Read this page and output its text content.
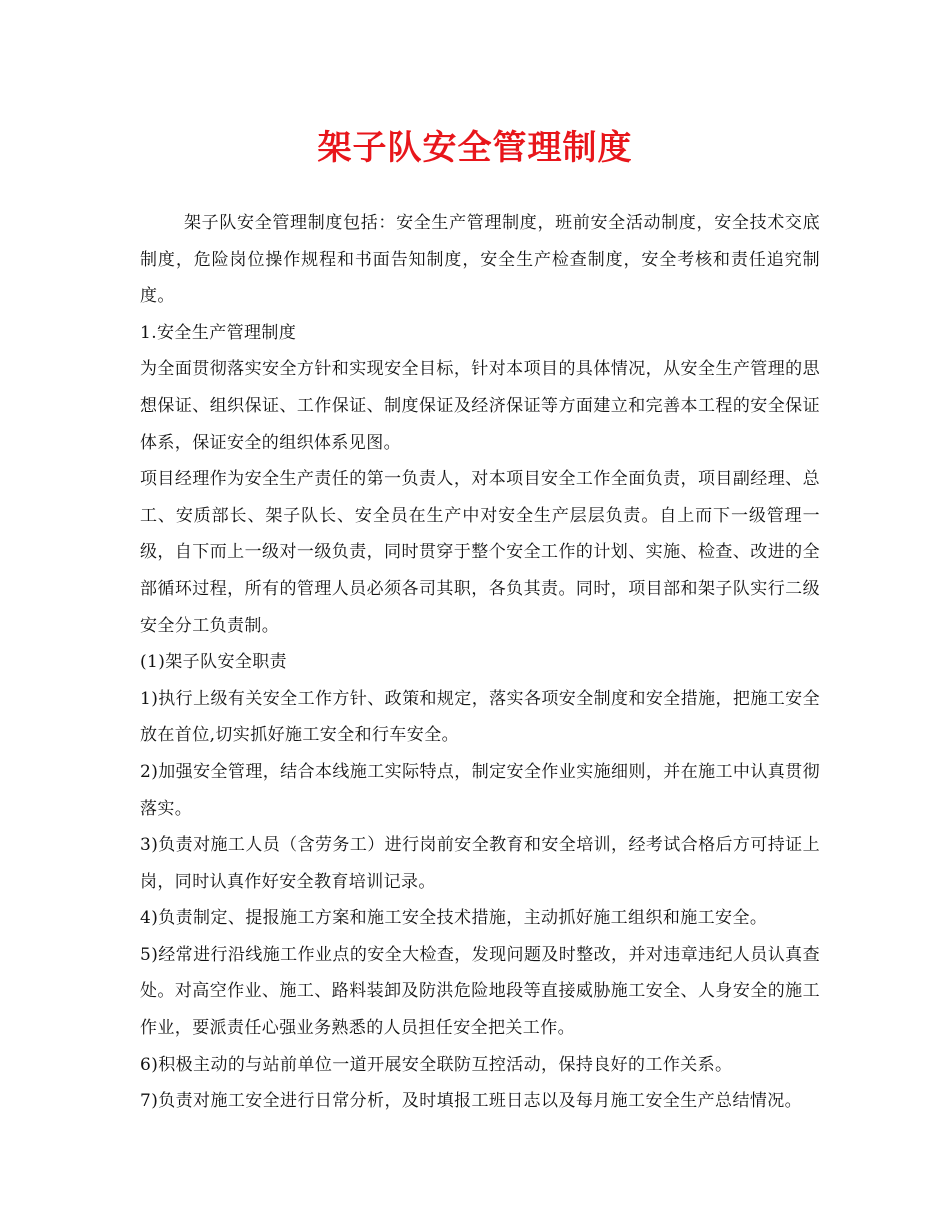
架子队安全管理制度

架子队安全管理制度包括：安全生产管理制度，班前安全活动制度，安全技术交底制度，危险岗位操作规程和书面告知制度，安全生产检查制度，安全考核和责任追究制度。

1.安全生产管理制度

为全面贯彻落实安全方针和实现安全目标，针对本项目的具体情况，从安全生产管理的思想保证、组织保证、工作保证、制度保证及经济保证等方面建立和完善本工程的安全保证体系，保证安全的组织体系见图。

项目经理作为安全生产责任的第一负责人，对本项目安全工作全面负责，项目副经理、总工、安质部长、架子队长、安全员在生产中对安全生产层层负责。自上而下一级管理一级，自下而上一级对一级负责，同时贯穿于整个安全工作的计划、实施、检查、改进的全部循环过程，所有的管理人员必须各司其职，各负其责。同时，项目部和架子队实行二级安全分工负责制。

(1)架子队安全职责

1)执行上级有关安全工作方针、政策和规定，落实各项安全制度和安全措施，把施工安全放在首位,切实抓好施工安全和行车安全。

2)加强安全管理，结合本线施工实际特点，制定安全作业实施细则，并在施工中认真贯彻落实。

3)负责对施工人员（含劳务工）进行岗前安全教育和安全培训，经考试合格后方可持证上岗，同时认真作好安全教育培训记录。

4)负责制定、提报施工方案和施工安全技术措施，主动抓好施工组织和施工安全。

5)经常进行沿线施工作业点的安全大检查，发现问题及时整改，并对违章违纪人员认真查处。对高空作业、施工、路料装卸及防洪危险地段等直接威胁施工安全、人身安全的施工作业，要派责任心强业务熟悉的人员担任安全把关工作。

6)积极主动的与站前单位一道开展安全联防互控活动，保持良好的工作关系。

7)负责对施工安全进行日常分析，及时填报工班日志以及每月施工安全生产总结情况。
